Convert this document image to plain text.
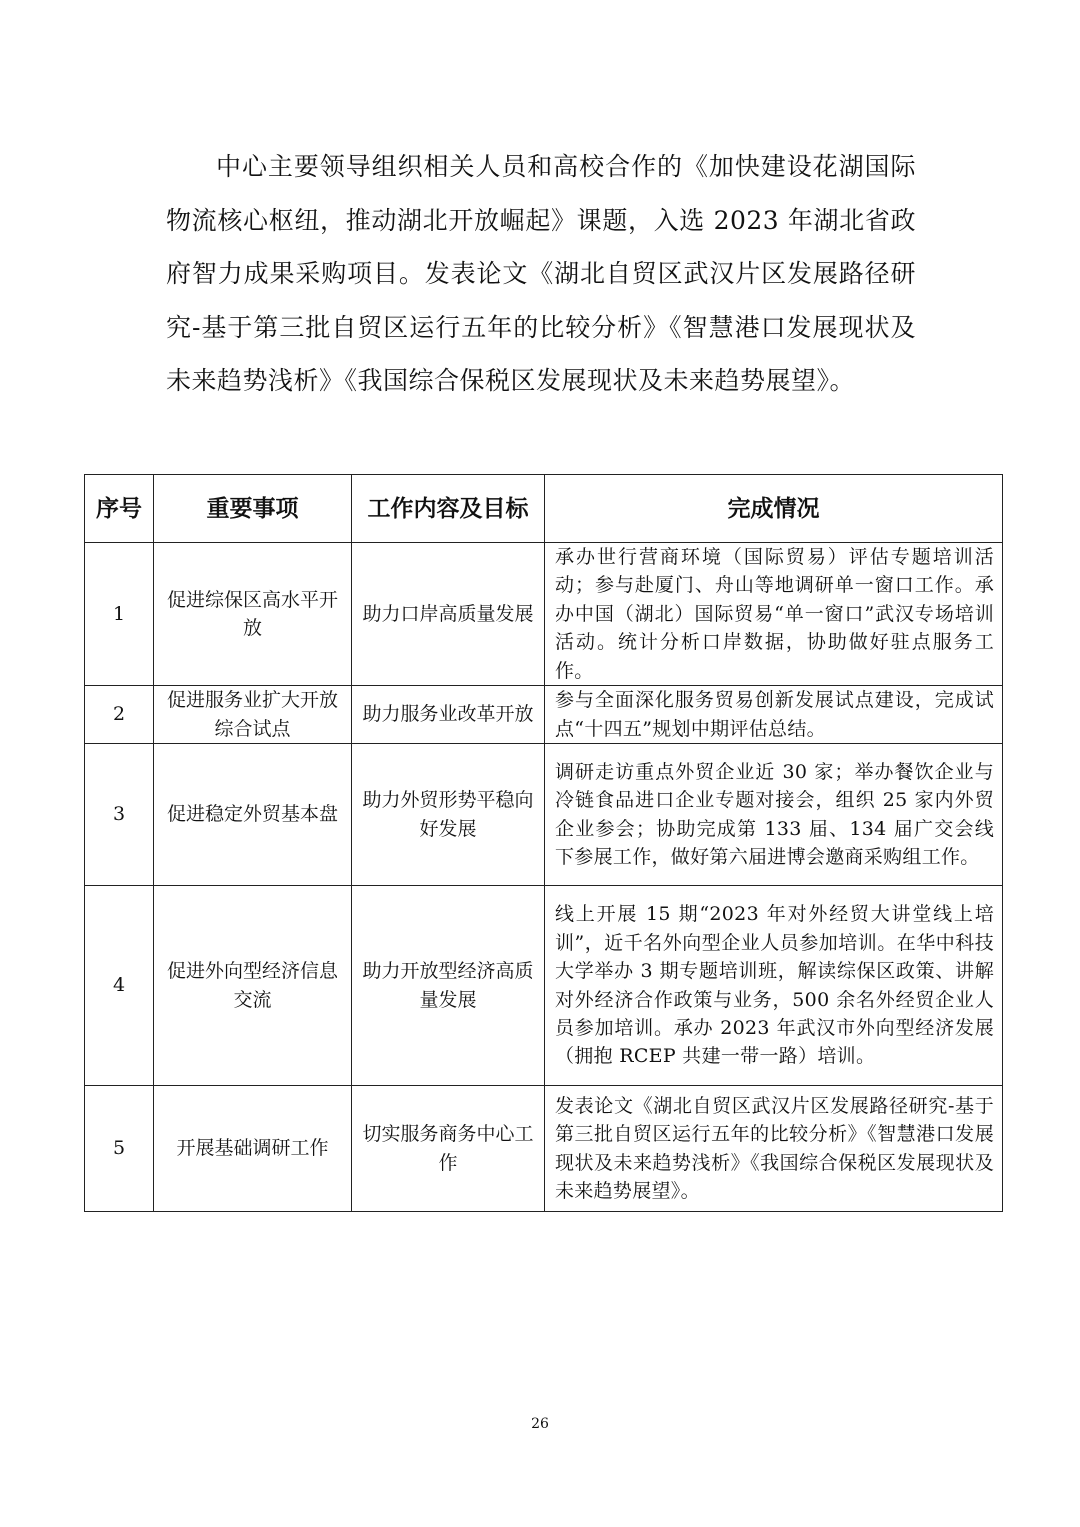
中心主要领导组织相关人员和高校合作的《加快建设花湖国际物流核心枢纽，推动湖北开放崛起》课题，入选 2023 年湖北省政府智力成果采购项目。发表论文《湖北自贸区武汉片区发展路径研究-基于第三批自贸区运行五年的比较分析》《智慧港口发展现状及未来趋势浅析》《我国综合保税区发展现状及未来趋势展望》。

序号	重要事项	工作内容及目标	完成情况
1	促进综保区高水平开放	助力口岸高质量发展	承办世行营商环境（国际贸易）评估专题培训活动；参与赴厦门、舟山等地调研单一窗口工作。承办中国（湖北）国际贸易“单一窗口”武汉专场培训活动。统计分析口岸数据，协助做好驻点服务工作。
2	促进服务业扩大开放综合试点	助力服务业改革开放	参与全面深化服务贸易创新发展试点建设，完成试点“十四五”规划中期评估总结。
3	促进稳定外贸基本盘	助力外贸形势平稳向好发展	调研走访重点外贸企业近 30 家；举办餐饮企业与冷链食品进口企业专题对接会，组织 25 家内外贸企业参会；协助完成第 133 届、134 届广交会线下参展工作，做好第六届进博会邀商采购组工作。
4	促进外向型经济信息交流	助力开放型经济高质量发展	线上开展 15 期“2023 年对外经贸大讲堂线上培训”，近千名外向型企业人员参加培训。在华中科技大学举办 3 期专题培训班，解读综保区政策、讲解对外经济合作政策与业务，500 余名外经贸企业人员参加培训。承办 2023 年武汉市外向型经济发展（拥抱 RCEP 共建一带一路）培训。
5	开展基础调研工作	切实服务商务中心工作	发表论文《湖北自贸区武汉片区发展路径研究-基于第三批自贸区运行五年的比较分析》《智慧港口发展现状及未来趋势浅析》《我国综合保税区发展现状及未来趋势展望》。
26
